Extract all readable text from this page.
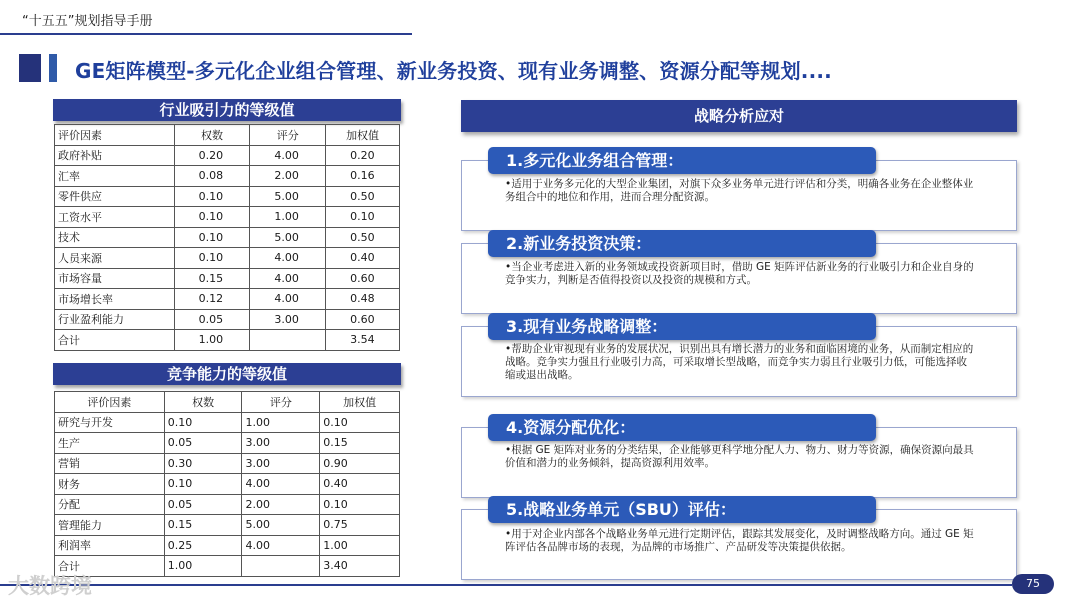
“十五五”规划指导手册
GE矩阵模型-多元化企业组合管理、新业务投资、现有业务调整、资源分配等规划....
行业吸引力的等级值
评价因素	权数	评分	加权值
政府补贴	0.20	4.00	0.20
汇率	0.08	2.00	0.16
零件供应	0.10	5.00	0.50
工资水平	0.10	1.00	0.10
技术	0.10	5.00	0.50
人员来源	0.10	4.00	0.40
市场容量	0.15	4.00	0.60
市场增长率	0.12	4.00	0.48
行业盈利能力	0.05	3.00	0.60
合计	1.00		3.54
竞争能力的等级值
评价因素	权数	评分	加权值
研究与开发	0.10	1.00	0.10
生产	0.05	3.00	0.15
营销	0.30	3.00	0.90
财务	0.10	4.00	0.40
分配	0.05	2.00	0.10
管理能力	0.15	5.00	0.75
利润率	0.25	4.00	1.00
合计	1.00		3.40
战略分析应对
1.多元化业务组合管理：
•适用于业务多元化的大型企业集团，对旗下众多业务单元进行评估和分类，明确各业务在企业整体业务组合中的地位和作用，进而合理分配资源。
2.新业务投资决策：
•当企业考虑进入新的业务领域或投资新项目时，借助 GE 矩阵评估新业务的行业吸引力和企业自身的竞争实力，判断是否值得投资以及投资的规模和方式。
3.现有业务战略调整：
•帮助企业审视现有业务的发展状况，识别出具有增长潜力的业务和面临困境的业务，从而制定相应的战略。竞争实力强且行业吸引力高，可采取增长型战略，而竞争实力弱且行业吸引力低，可能选择收缩或退出战略。
4.资源分配优化：
•根据 GE 矩阵对业务的分类结果，企业能够更科学地分配人力、物力、财力等资源，确保资源向最具价值和潜力的业务倾斜，提高资源利用效率。
5.战略业务单元（SBU）评估：
•用于对企业内部各个战略业务单元进行定期评估，跟踪其发展变化，及时调整战略方向。通过 GE 矩阵评估各品牌市场的表现，为品牌的市场推广、产品研发等决策提供依据。
大数跨境	75
